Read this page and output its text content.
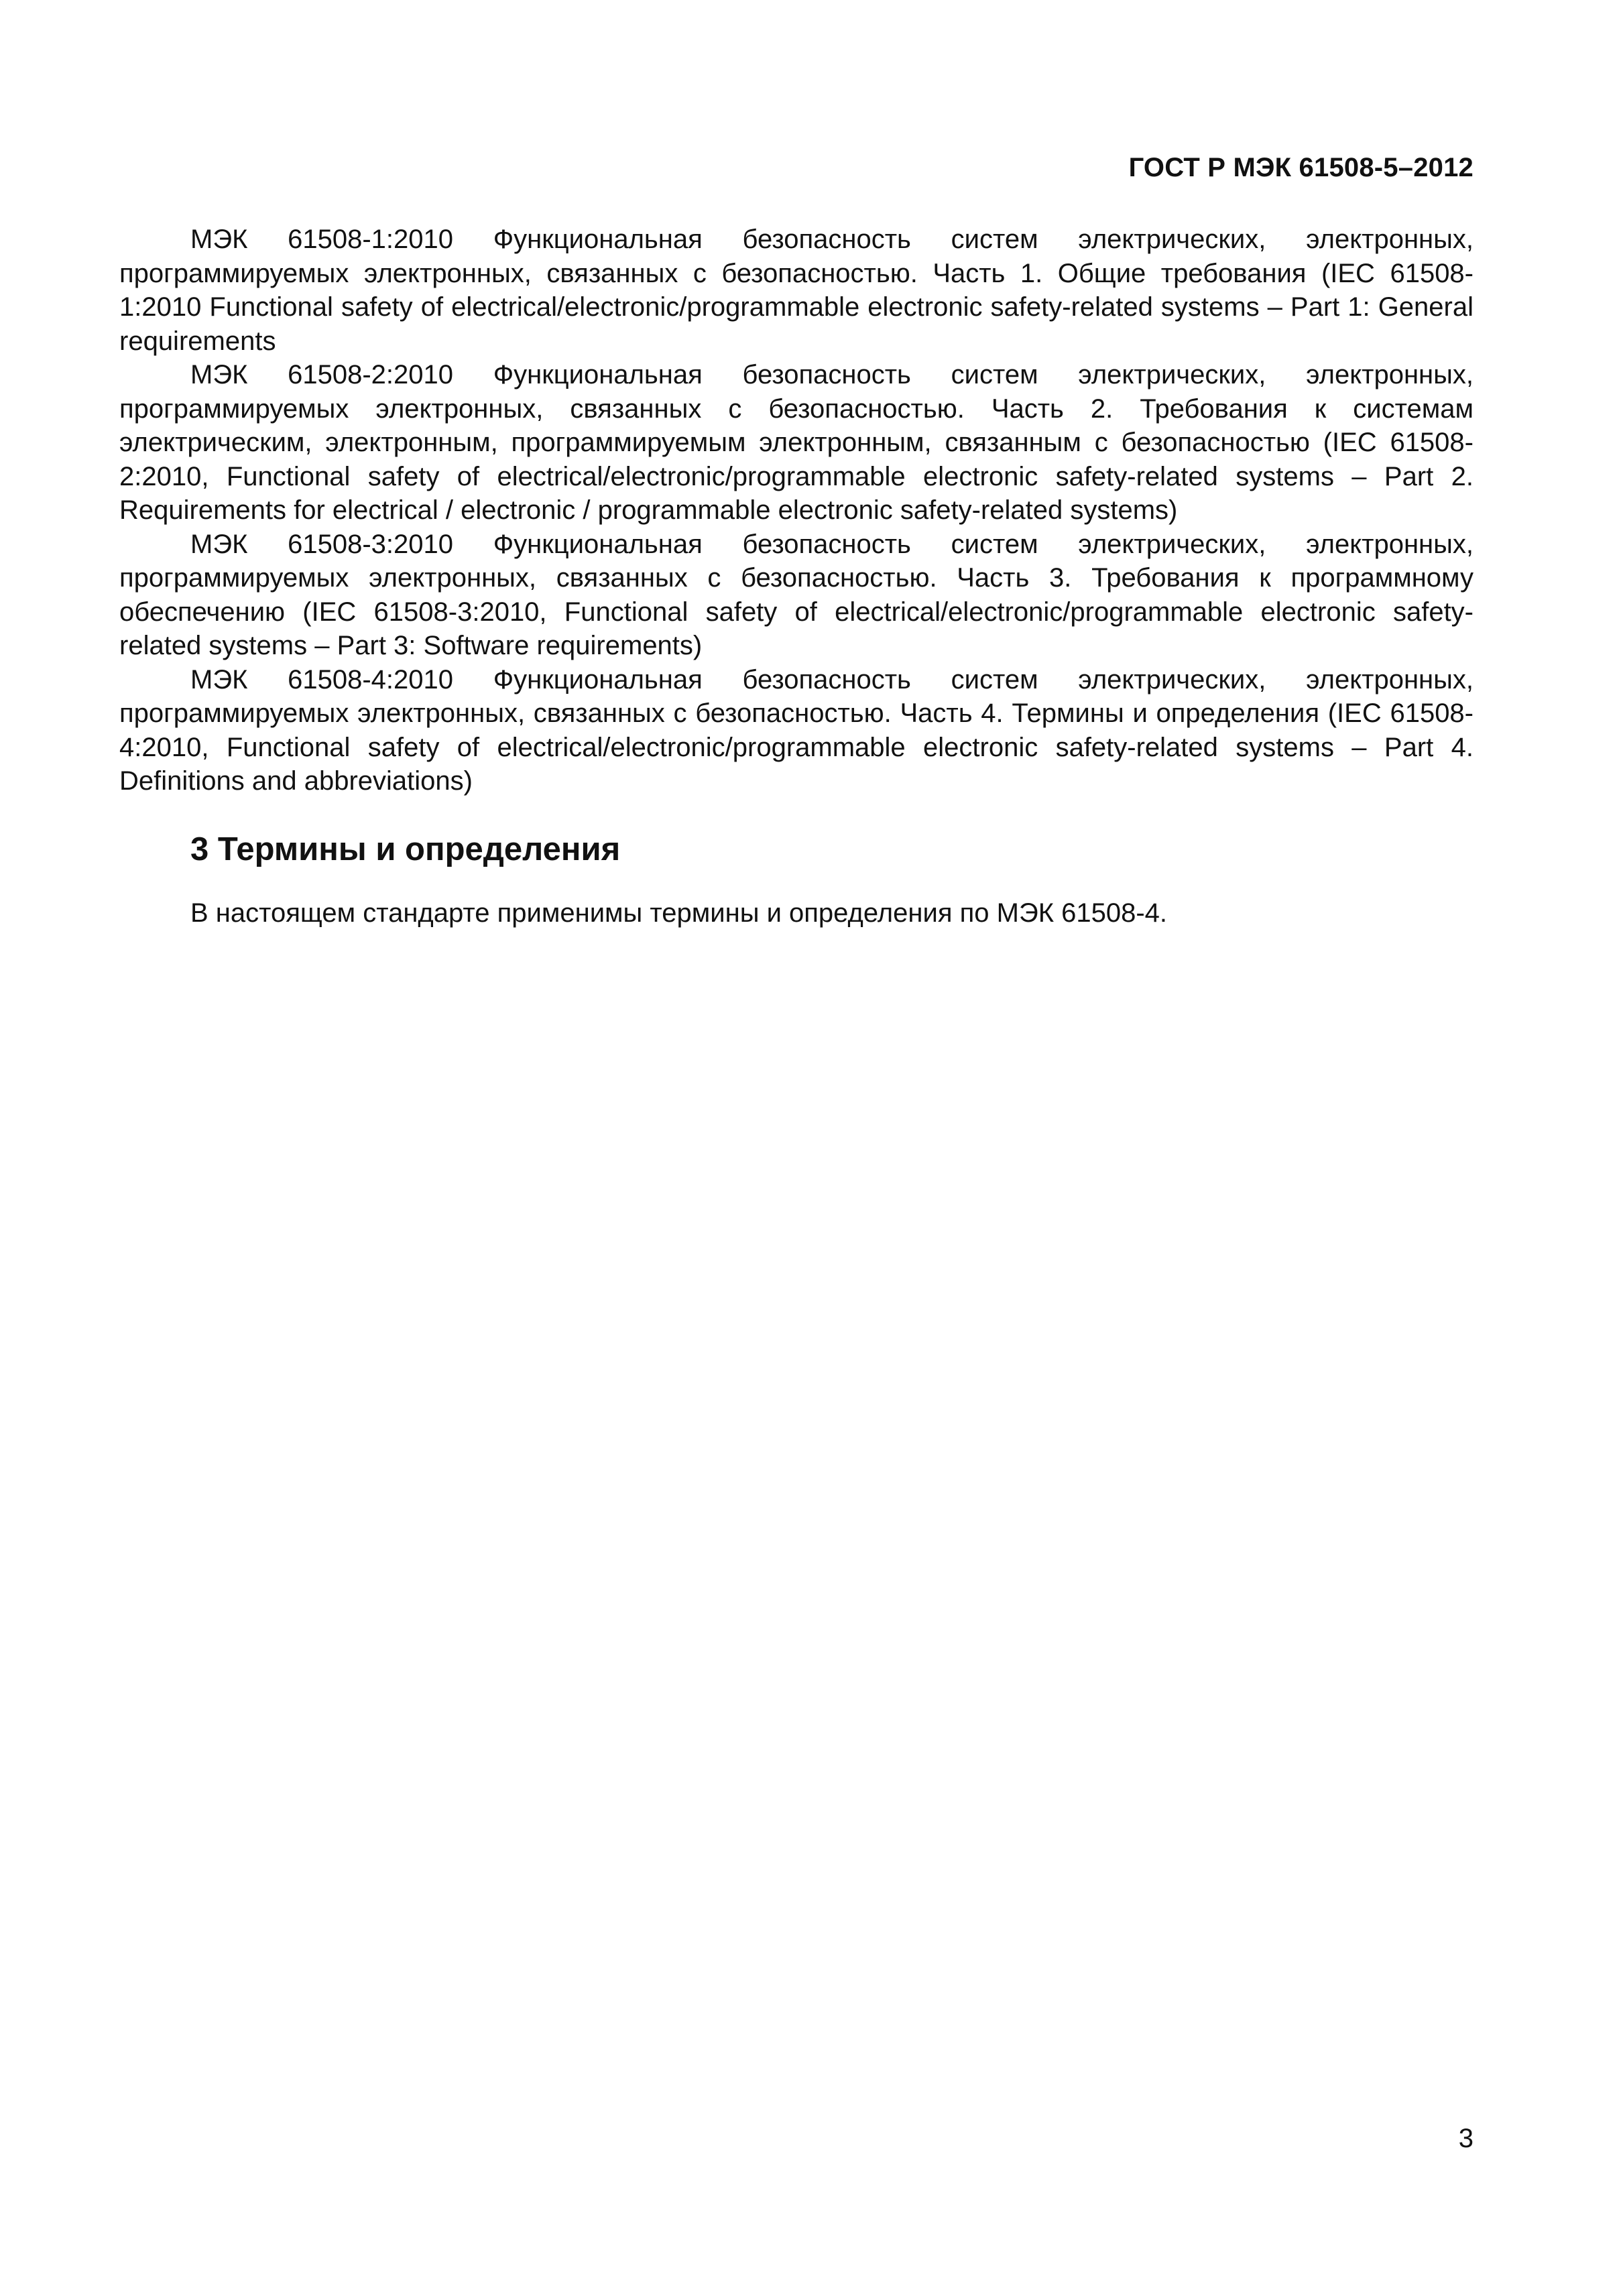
ГОСТ Р МЭК 61508-5–2012

МЭК 61508-1:2010 Функциональная безопасность систем электрических, электронных, программируемых электронных, связанных с безопасностью. Часть 1. Общие требования (IEC 61508-1:2010 Functional safety of electrical/electronic/programmable electronic safety-related systems – Part 1: General requirements

МЭК 61508-2:2010 Функциональная безопасность систем электрических, электронных, программируемых электронных, связанных с безопасностью. Часть 2. Требования к системам электрическим, электронным, программируемым электронным, связанным с безопасностью (IEC 61508-2:2010, Functional safety of electrical/electronic/programmable electronic safety-related systems – Part 2. Requirements for electrical / electronic / programmable electronic safety-related systems)

МЭК 61508-3:2010 Функциональная безопасность систем электрических, электронных, программируемых электронных, связанных с безопасностью. Часть 3. Требования к программному обеспечению (IEC 61508-3:2010, Functional safety of electrical/electronic/programmable electronic safety-related systems – Part 3: Software requirements)

МЭК 61508-4:2010 Функциональная безопасность систем электрических, электронных, программируемых электронных, связанных с безопасностью. Часть 4. Термины и определения (IEC 61508-4:2010, Functional safety of electrical/electronic/programmable electronic safety-related systems – Part 4. Definitions and abbreviations)

3 Термины и определения

В настоящем стандарте применимы термины и определения по МЭК 61508-4.

3
